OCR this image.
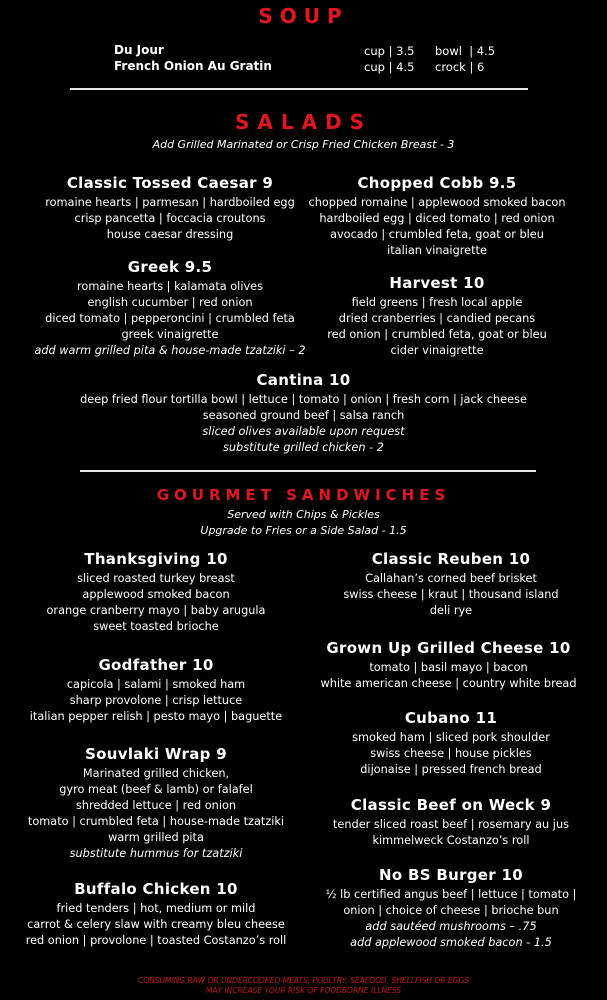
SOUP
Du Jour	cup | 3.5 bowl  | 4.5
French Onion Au Gratin	cup | 4.5 crock | 6
SALADS
Add Grilled Marinated or Crisp Fried Chicken Breast - 3
Classic Tossed Caesar 9
romaine hearts | parmesan | hardboiled egg
crisp pancetta | foccacia croutons
house caesar dressing
Chopped Cobb 9.5
chopped romaine | applewood smoked bacon
hardboiled egg | diced tomato | red onion
avocado | crumbled feta, goat or bleu
italian vinaigrette
Greek 9.5
romaine hearts | kalamata olives
english cucumber | red onion
diced tomato | pepperoncini | crumbled feta
greek vinaigrette
add warm grilled pita & house-made tzatziki – 2
Harvest 10
field greens | fresh local apple
dried cranberries | candied pecans
red onion | crumbled feta, goat or bleu
cider vinaigrette
Cantina 10
deep fried flour tortilla bowl | lettuce | tomato | onion | fresh corn | jack cheese
seasoned ground beef | salsa ranch
sliced olives available upon request
substitute grilled chicken - 2
GOURMET SANDWICHES
Served with Chips & Pickles
Upgrade to Fries or a Side Salad - 1.5
Thanksgiving 10
sliced roasted turkey breast
applewood smoked bacon
orange cranberry mayo | baby arugula
sweet toasted brioche
Godfather 10
capicola | salami | smoked ham
sharp provolone | crisp lettuce
italian pepper relish | pesto mayo | baguette
Souvlaki Wrap 9
Marinated grilled chicken,
gyro meat (beef & lamb) or falafel
shredded lettuce | red onion
tomato | crumbled feta | house-made tzatziki
warm grilled pita
substitute hummus for tzatziki
Buffalo Chicken 10
fried tenders | hot, medium or mild
carrot & celery slaw with creamy bleu cheese
red onion | provolone | toasted Costanzo’s roll
Classic Reuben 10
Callahan’s corned beef brisket
swiss cheese | kraut | thousand island
deli rye
Grown Up Grilled Cheese 10
tomato | basil mayo | bacon
white american cheese | country white bread
Cubano 11
smoked ham | sliced pork shoulder
swiss cheese | house pickles
dijonaise | pressed french bread
Classic Beef on Weck 9
tender sliced roast beef | rosemary au jus
kimmelweck Costanzo’s roll
No BS Burger 10
½ lb certified angus beef | lettuce | tomato |
onion | choice of cheese | brioche bun
add sautéed mushrooms – .75
add applewood smoked bacon - 1.5
CONSUMING RAW OR UNDERCOOKED MEATS, POULTRY, SEAFOOD, SHELLFISH OR EGGS
MAY INCREASE YOUR RISK OF FOODBORNE ILLNESS
